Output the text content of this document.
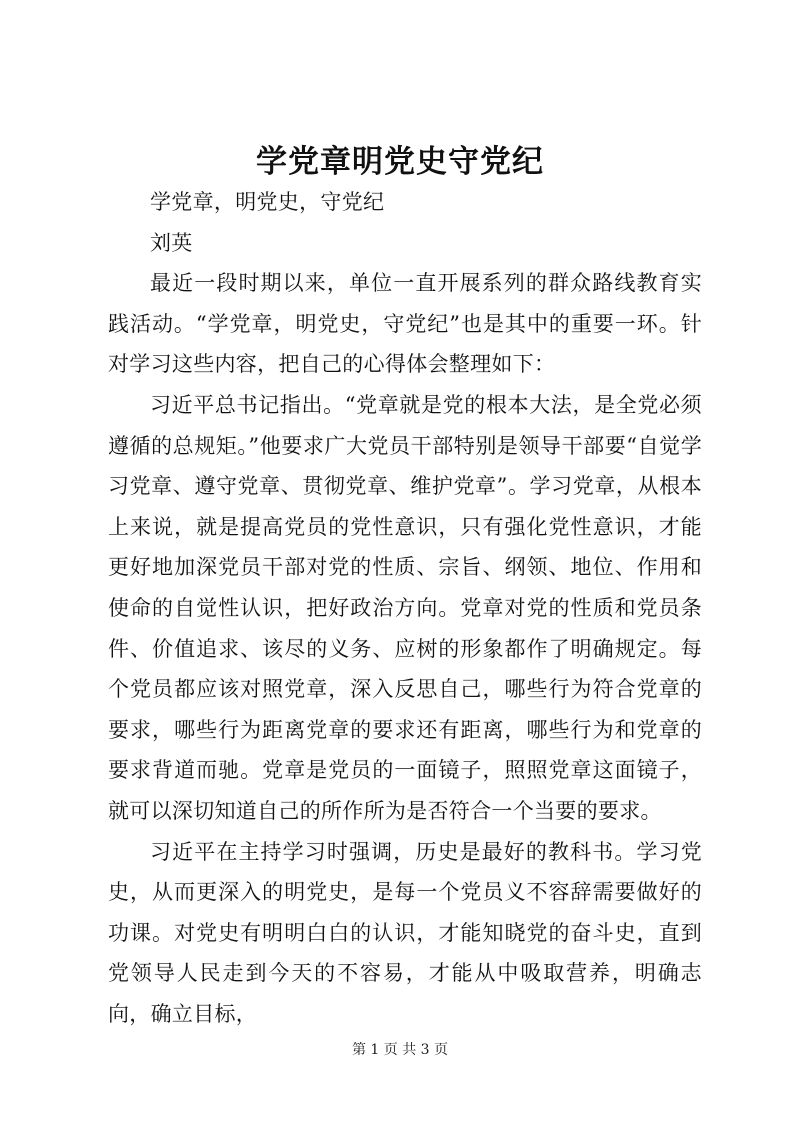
学党章明党史守党纪

学党章，明党史，守党纪

刘英

最近一段时期以来，单位一直开展系列的群众路线教育实践活动。“学党章，明党史，守党纪”也是其中的重要一环。针对学习这些内容，把自己的心得体会整理如下：

习近平总书记指出。“党章就是党的根本大法，是全党必须遵循的总规矩。”他要求广大党员干部特别是领导干部要“自觉学习党章、遵守党章、贯彻党章、维护党章”。学习党章，从根本上来说，就是提高党员的党性意识，只有强化党性意识，才能更好地加深党员干部对党的性质、宗旨、纲领、地位、作用和使命的自觉性认识，把好政治方向。党章对党的性质和党员条件、价值追求、该尽的义务、应树的形象都作了明确规定。每个党员都应该对照党章，深入反思自己，哪些行为符合党章的要求，哪些行为距离党章的要求还有距离，哪些行为和党章的要求背道而驰。党章是党员的一面镜子，照照党章这面镜子，就可以深切知道自己的所作所为是否符合一个当要的要求。

习近平在主持学习时强调，历史是最好的教科书。学习党史，从而更深入的明党史，是每一个党员义不容辞需要做好的功课。对党史有明明白白的认识，才能知晓党的奋斗史，直到党领导人民走到今天的不容易，才能从中吸取营养，明确志向，确立目标，

第 1 页 共 3 页
